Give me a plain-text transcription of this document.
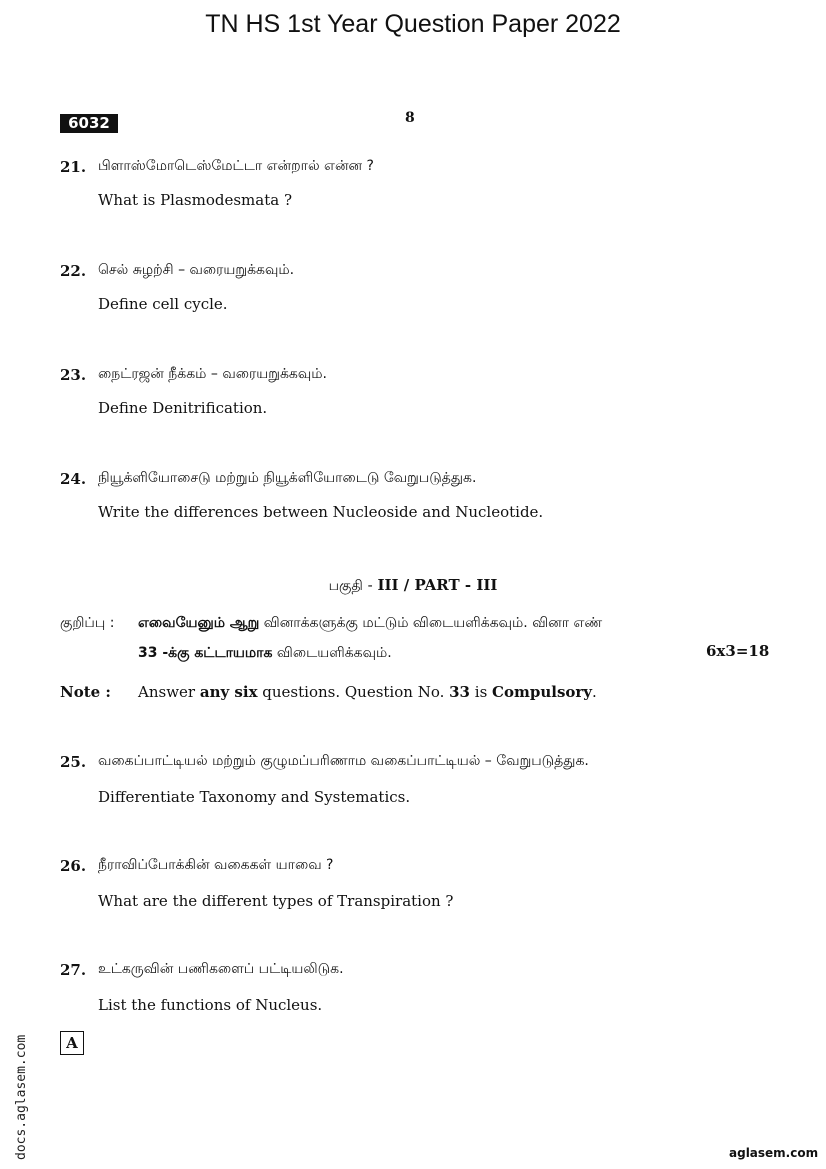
TN HS 1st Year Question Paper 2022
6032	8
21. பிளாஸ்மோடெஸ்மேட்டா என்றால் என்ன ?
What is Plasmodesmata ?
22. செல் சுழற்சி – வரையறுக்கவும்.
Define cell cycle.
23. நைட்ரஜன் நீக்கம் – வரையறுக்கவும்.
Define Denitrification.
24. நியூக்ளியோசைடு மற்றும் நியூக்ளியோடைடு வேறுபடுத்துக.
Write the differences between Nucleoside and Nucleotide.
பகுதி - III / PART - III
குறிப்பு : எவையேனும் ஆறு வினாக்களுக்கு மட்டும் விடையளிக்கவும். வினா எண்
33 -க்கு கட்டாயமாக விடையளிக்கவும்.	6x3=18
Note : Answer any six questions. Question No. 33 is Compulsory.
25. வகைப்பாட்டியல் மற்றும் குழுமப்பரிணாம வகைப்பாட்டியல் – வேறுபடுத்துக.
Differentiate Taxonomy and Systematics.
26. நீராவிப்போக்கின் வகைகள் யாவை ?
What are the different types of Transpiration ?
27. உட்கருவின் பணிகளைப் பட்டியலிடுக.
List the functions of Nucleus.
A
docs.aglasem.com	aglasem.com
